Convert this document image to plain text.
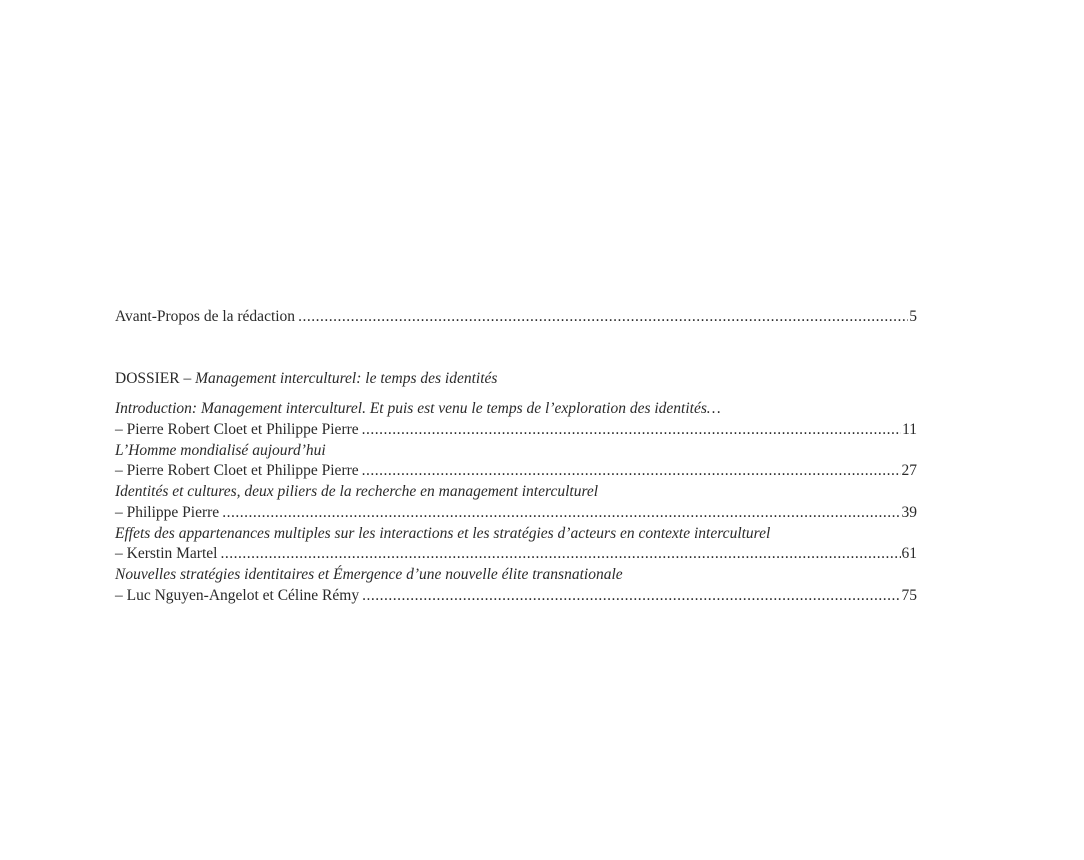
Avant-Propos de la rédaction .....	5
DOSSIER – Management interculturel: le temps des identités
Introduction: Management interculturel. Et puis est venu le temps de l’exploration des identités…
– Pierre Robert Cloet et Philippe Pierre .....	11
L’Homme mondialisé aujourd’hui
– Pierre Robert Cloet et Philippe Pierre .....	27
Identités et cultures, deux piliers de la recherche en management interculturel
– Philippe Pierre .....	39
Effets des appartenances multiples sur les interactions et les stratégies d’acteurs en contexte interculturel
– Kerstin Martel .....	61
Nouvelles stratégies identitaires et Émergence d’une nouvelle élite transnationale
– Luc Nguyen-Angelot et Céline Rémy .....	75
